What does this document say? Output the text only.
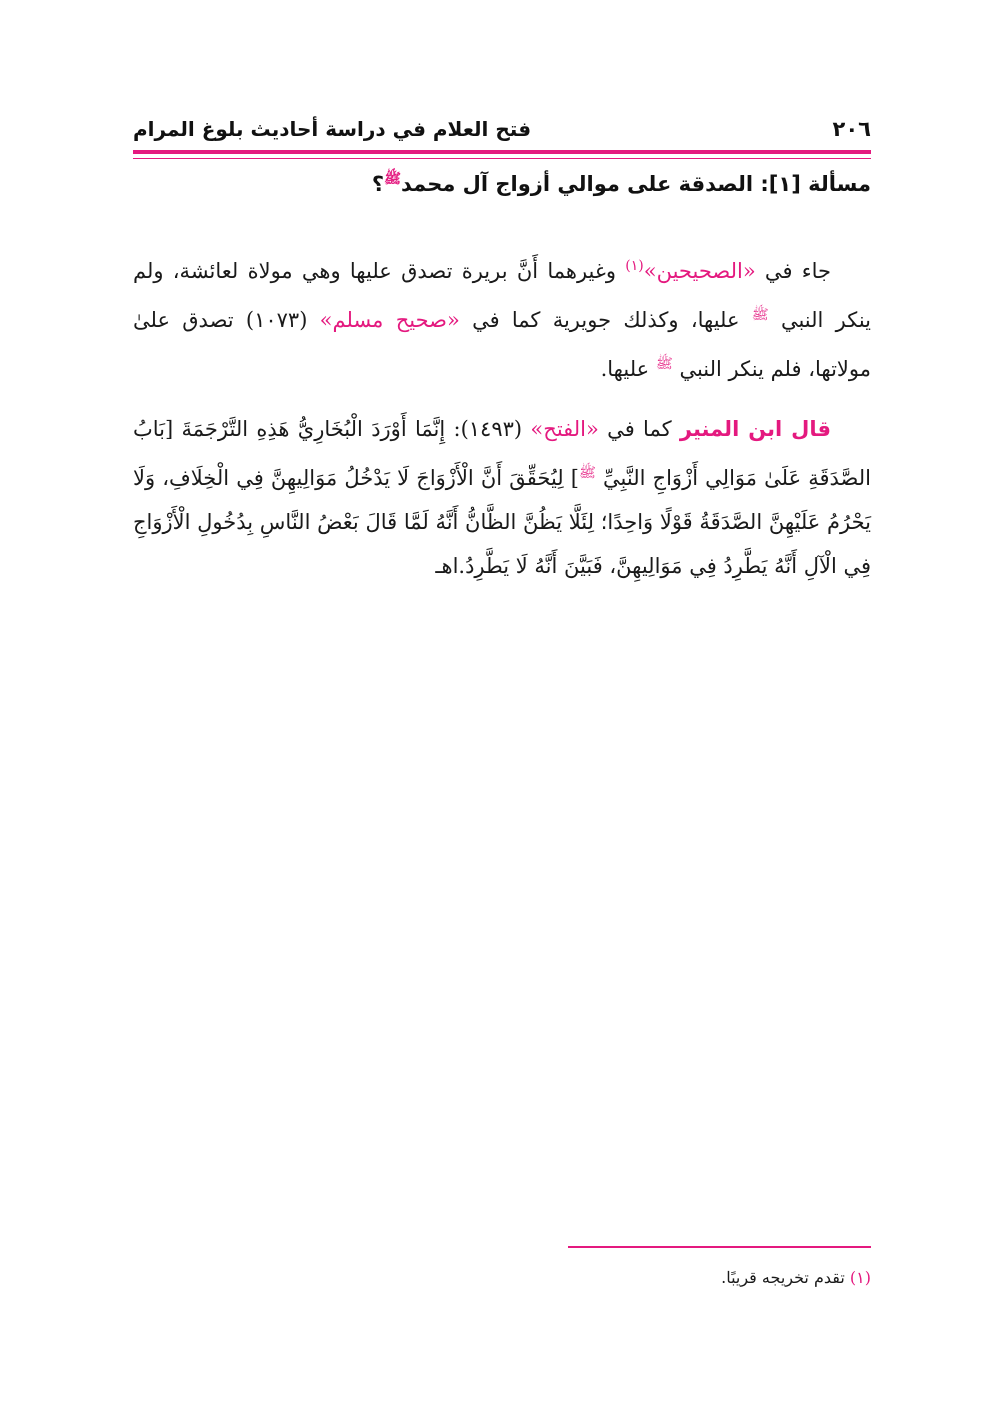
٢٠٦
فتح العلام في دراسة أحاديث بلوغ المرام
مسألة [١]: الصدقة على موالي أزواج آل محمد$^ﷺ$؟

جاء في «الصحيحين»$^{(١)}$ وغيرهما أَنَّ بريرة تصدق عليها وهي مولاة لعائشة، ولم ينكر النبي $^ﷺ$ عليها، وكذلك جويرية كما في «صحيح مسلم» (١٠٧٣) تصدق علىٰ مولاتها، فلم ينكر النبي $^ﷺ$ عليها.

قال ابن المنير كما في «الفتح» (١٤٩٣): إِنَّمَا أَوْرَدَ الْبُخَارِيُّ هَذِهِ التَّرْجَمَةَ [بَابُ الصَّدَقَةِ عَلَىٰ مَوَالِي أَزْوَاجِ النَّبِيِّ $^ﷺ$] لِيُحَقِّقَ أَنَّ الْأَزْوَاجَ لَا يَدْخُلُ مَوَالِيهِنَّ فِي الْخِلَافِ، وَلَا يَحْرُمُ عَلَيْهِنَّ الصَّدَقَةُ قَوْلًا وَاحِدًا؛ لِئَلَّا يَظُنَّ الظَّانُّ أَنَّهُ لَمَّا قَالَ بَعْضُ النَّاسِ بِدُخُولِ الْأَزْوَاجِ فِي الْآلِ أَنَّهُ يَطَّرِدُ فِي مَوَالِيهِنَّ، فَبَيَّنَ أَنَّهُ لَا يَطَّرِدُ.اهـ

(١) تقدم تخريجه قريبًا.
